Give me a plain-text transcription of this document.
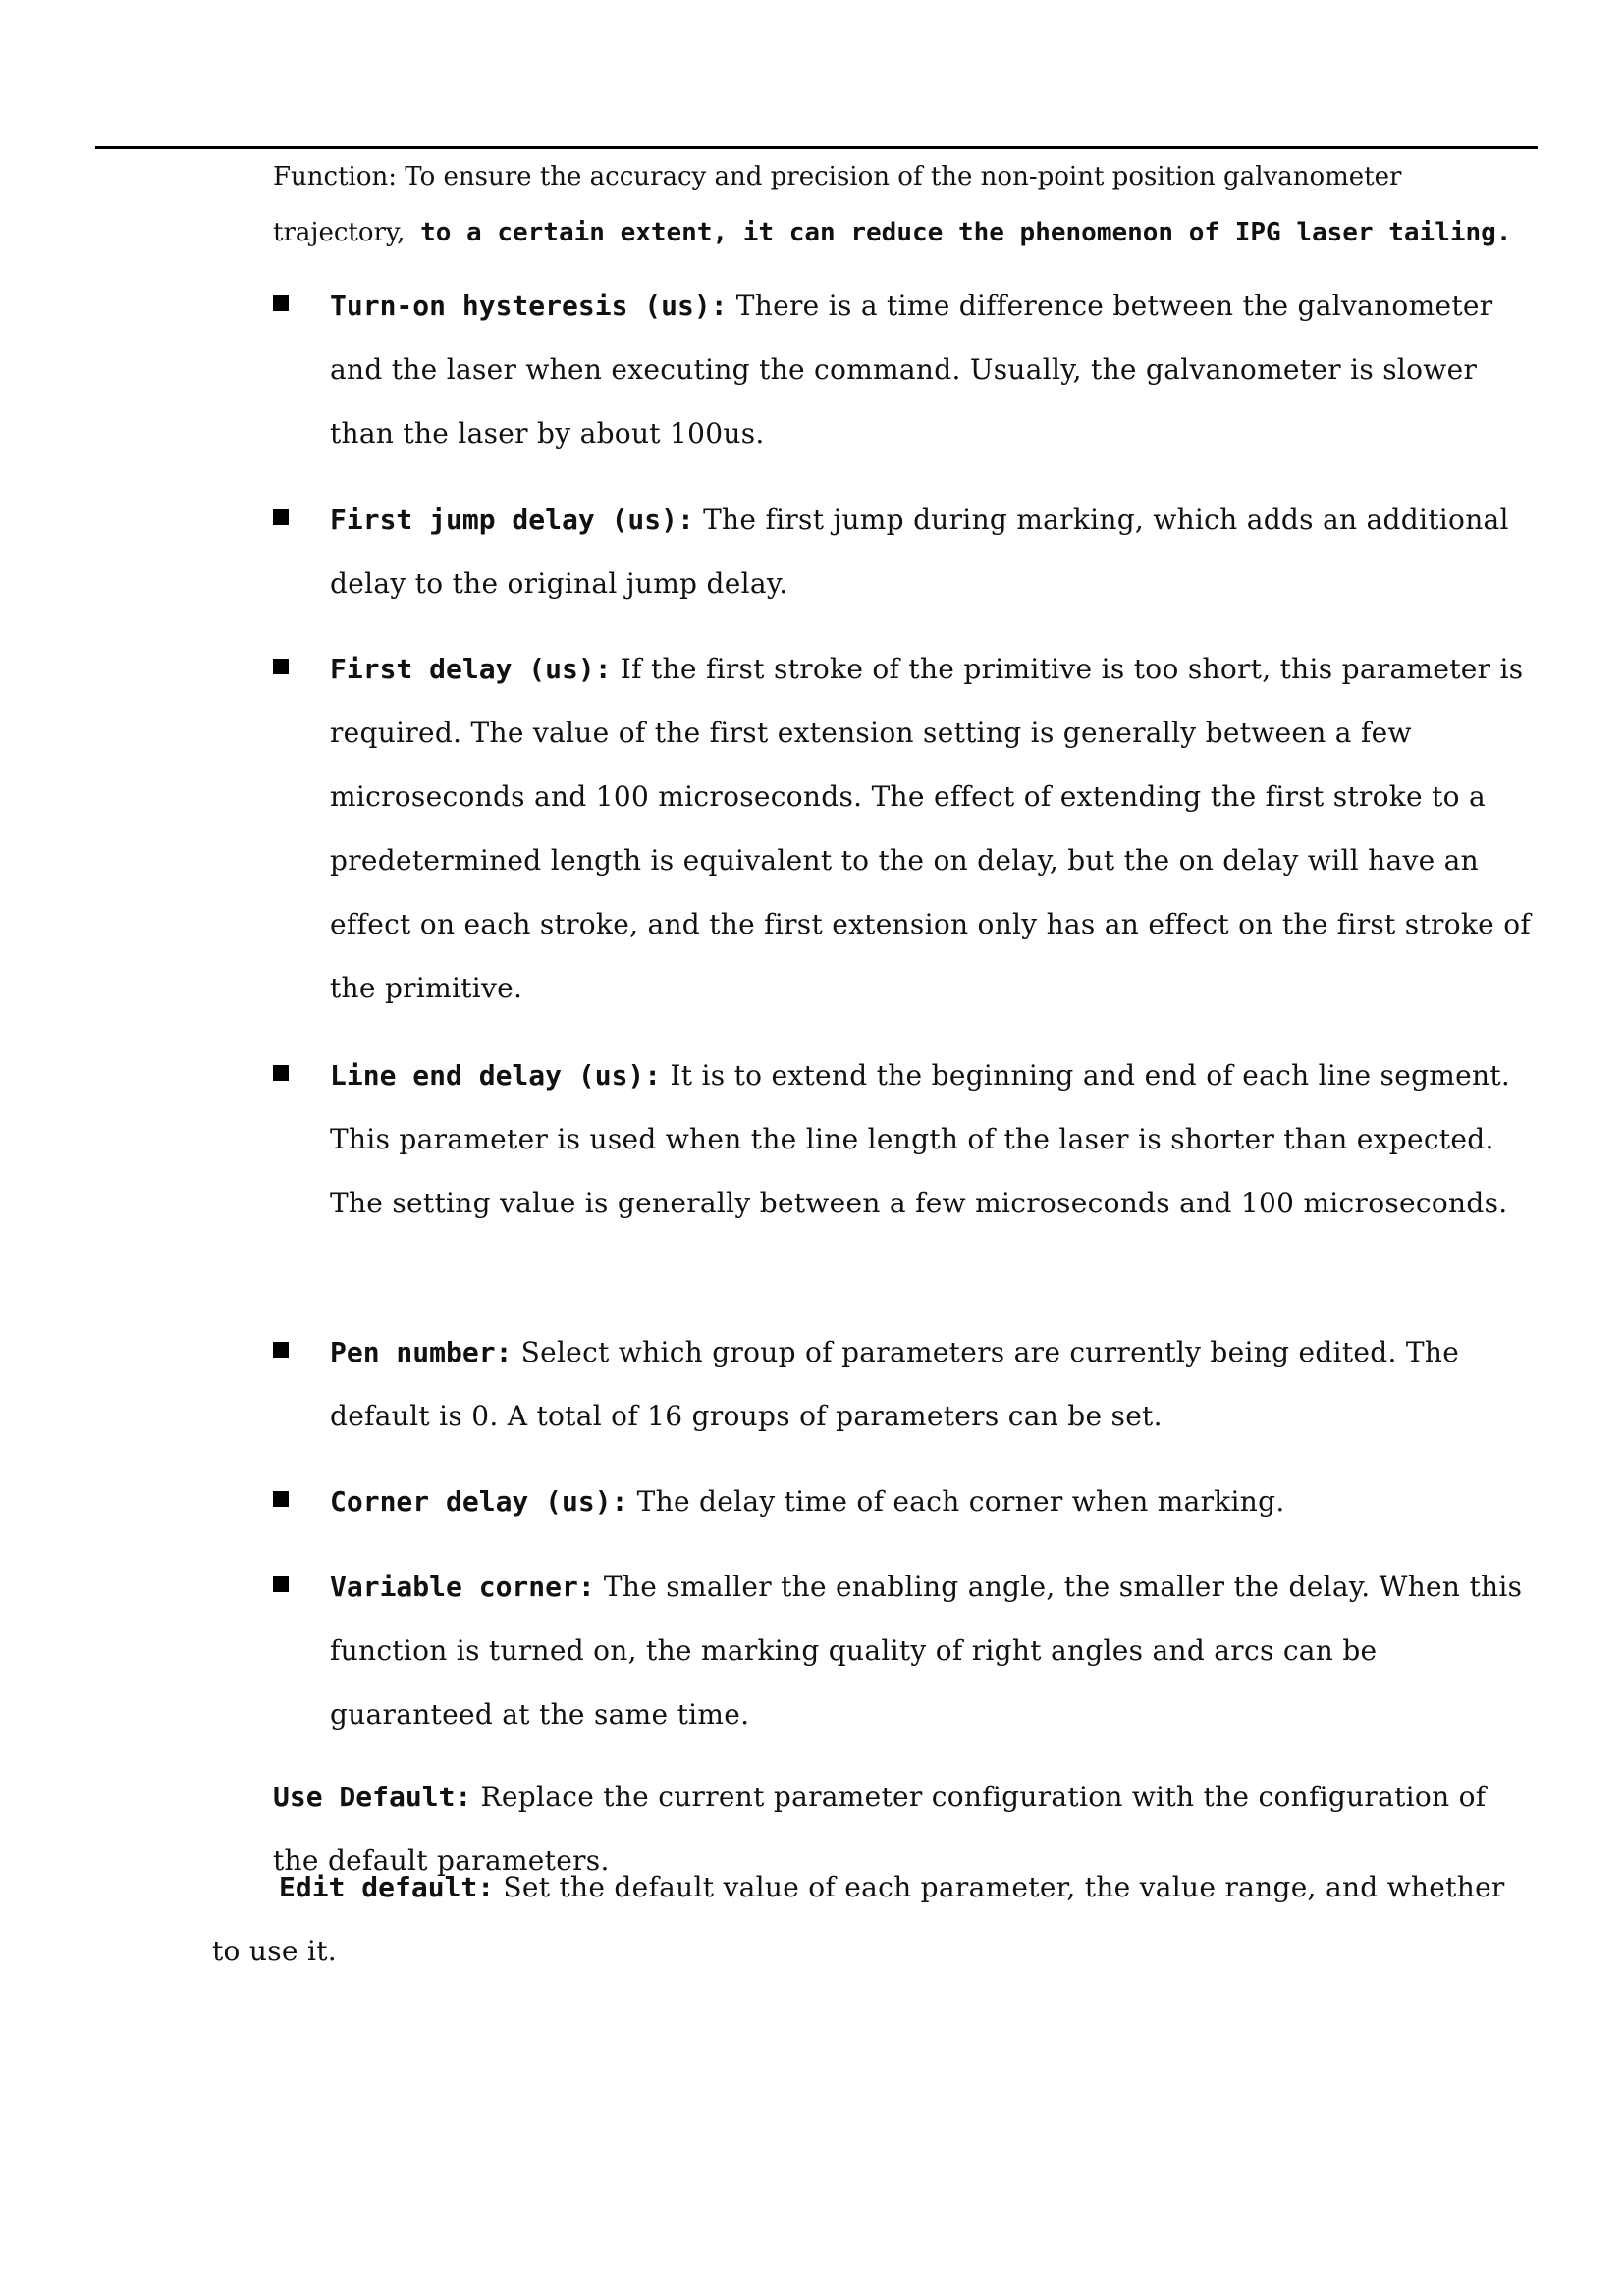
Function: To ensure the accuracy and precision of the non-point position galvanometer trajectory, to a certain extent, it can reduce the phenomenon of IPG laser tailing.

Turn-on hysteresis (us): There is a time difference between the galvanometer and the laser when executing the command. Usually, the galvanometer is slower than the laser by about 100us.

First jump delay (us): The first jump during marking, which adds an additional delay to the original jump delay.

First delay (us): If the first stroke of the primitive is too short, this parameter is required. The value of the first extension setting is generally between a few microseconds and 100 microseconds. The effect of extending the first stroke to a predetermined length is equivalent to the on delay, but the on delay will have an effect on each stroke, and the first extension only has an effect on the first stroke of the primitive.

Line end delay (us): It is to extend the beginning and end of each line segment. This parameter is used when the line length of the laser is shorter than expected. The setting value is generally between a few microseconds and 100 microseconds.

Pen number: Select which group of parameters are currently being edited. The default is 0. A total of 16 groups of parameters can be set.

Corner delay (us): The delay time of each corner when marking.

Variable corner: The smaller the enabling angle, the smaller the delay. When this function is turned on, the marking quality of right angles and arcs can be guaranteed at the same time.

Use Default: Replace the current parameter configuration with the configuration of the default parameters.

Edit default: Set the default value of each parameter, the value range, and whether to use it.
